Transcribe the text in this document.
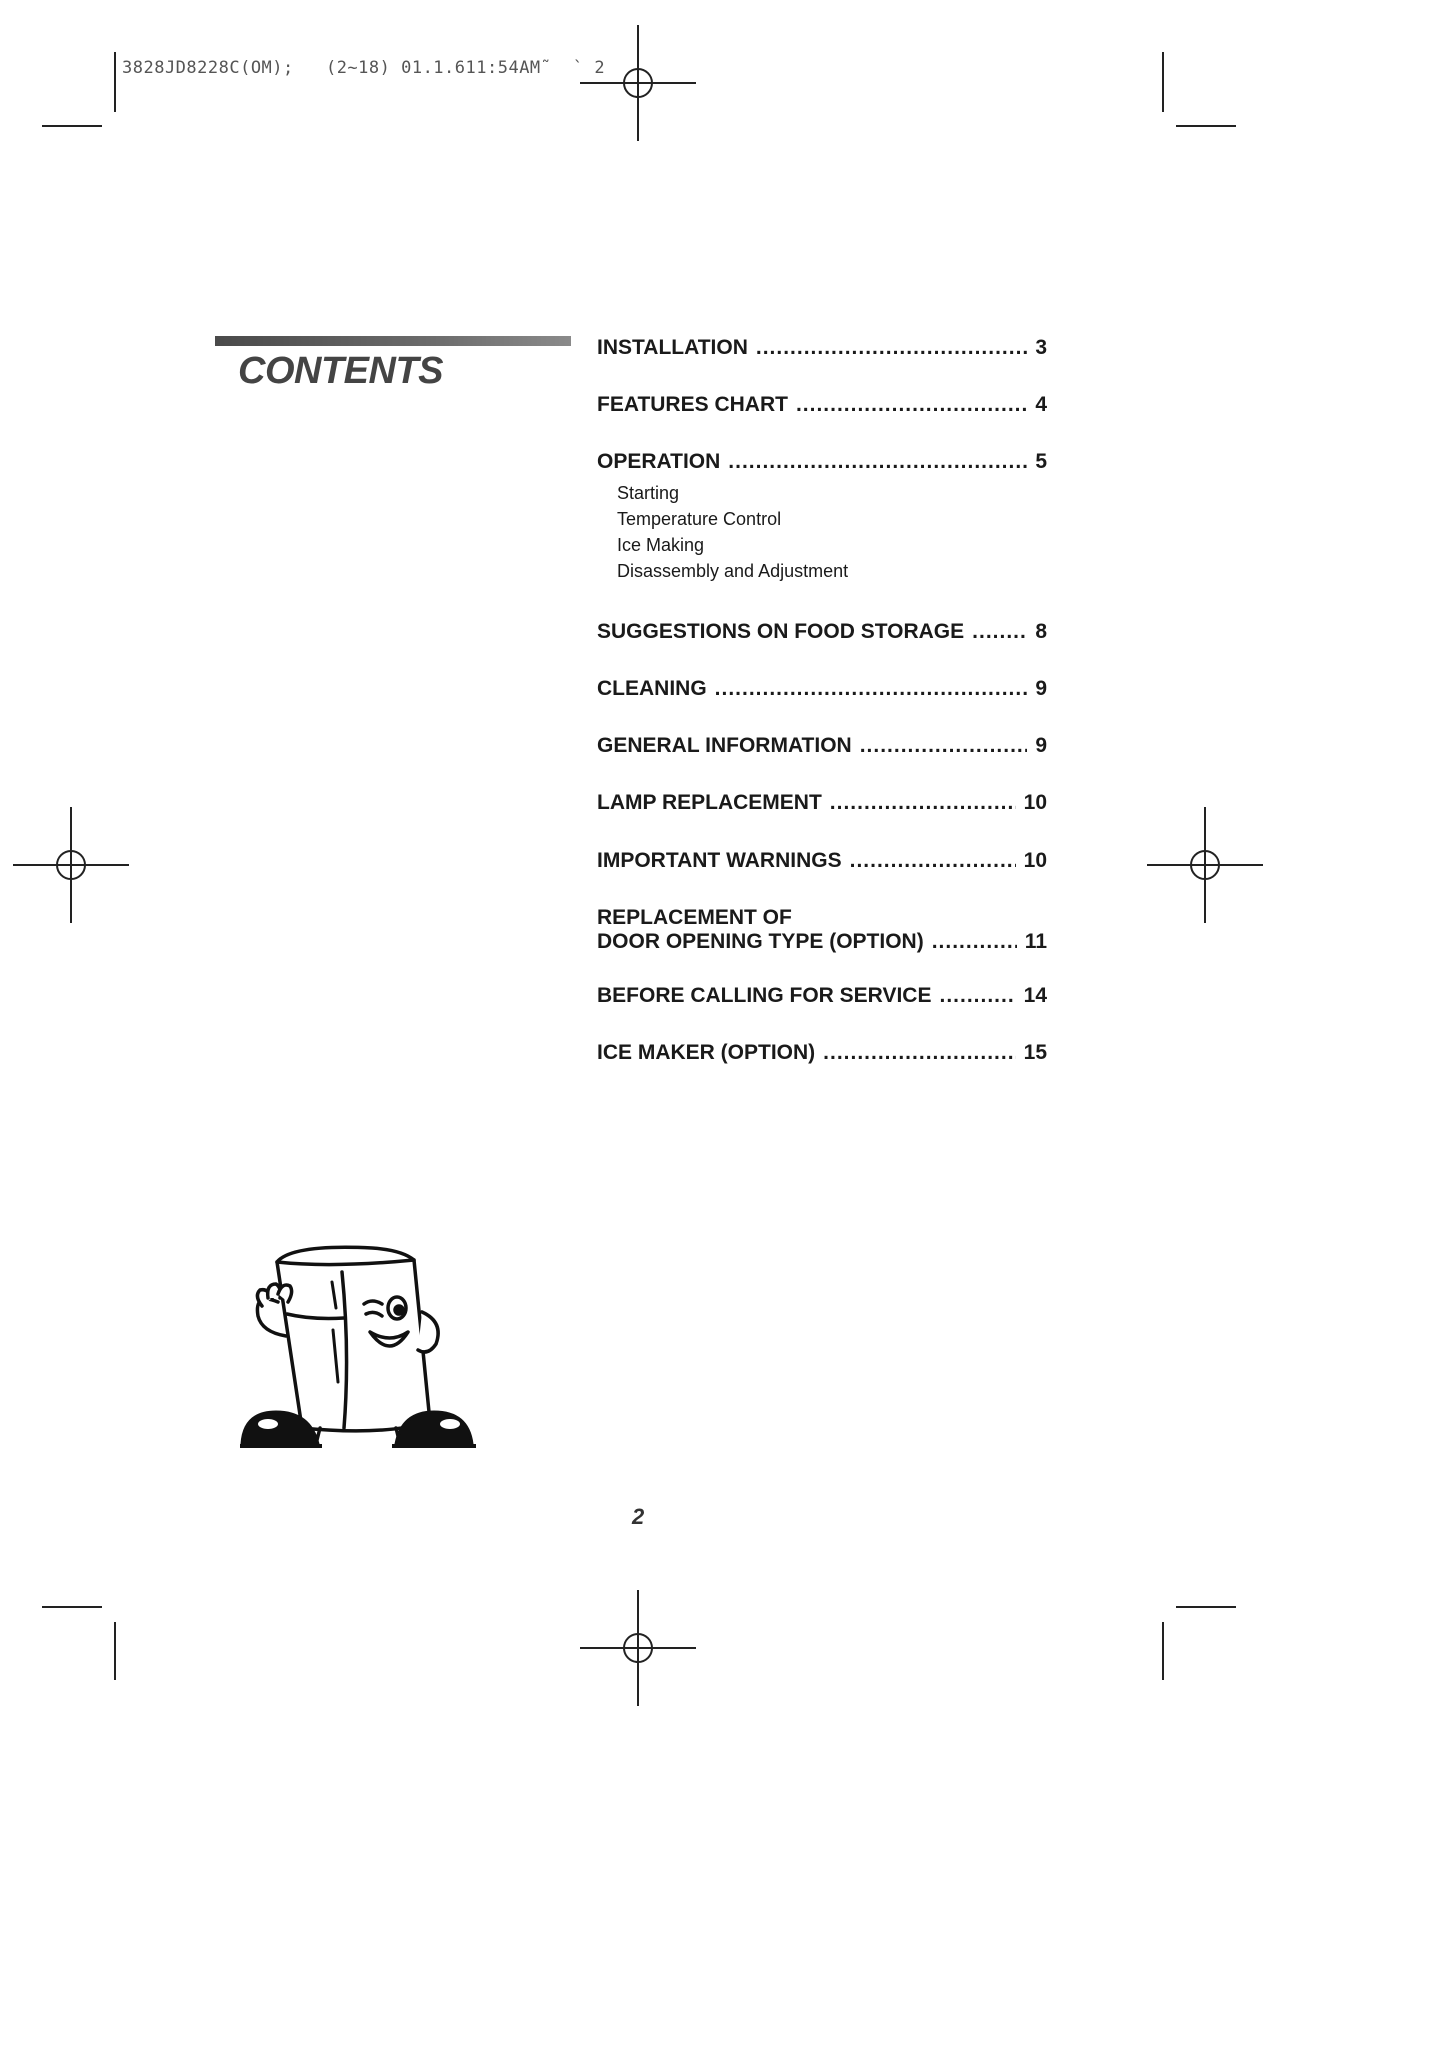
3828JD8228C(OM);   (2~18) 01.1.611:54AM˜  ` 2
CONTENTS
INSTALLATION .....	3
FEATURES CHART .....	4
OPERATION .....	5
Starting
Temperature Control
Ice Making
Disassembly and Adjustment
SUGGESTIONS ON FOOD STORAGE .....	8
CLEANING .....	9
GENERAL INFORMATION .....	9
LAMP REPLACEMENT .....	10
IMPORTANT WARNINGS .....	10
REPLACEMENT OF
DOOR OPENING TYPE (OPTION) .....	11
BEFORE CALLING FOR SERVICE .....	14
ICE MAKER (OPTION) .....	15
2
